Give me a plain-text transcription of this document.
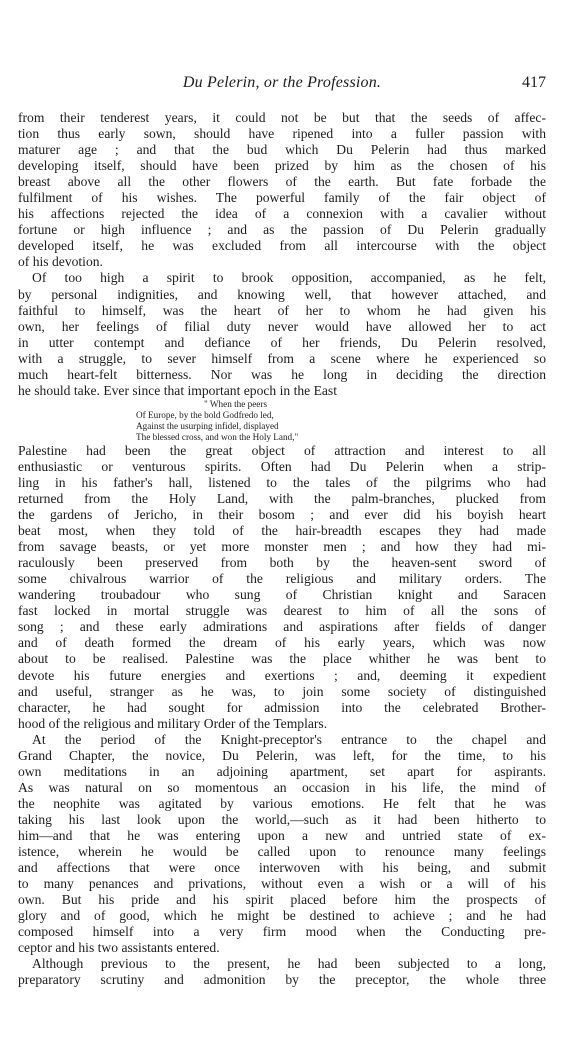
Du Pelerin, or the Profession.	417
from their tenderest years, it could not be but that the seeds of affec-
tion thus early sown, should have ripened into a fuller passion with
maturer age ; and that the bud which Du Pelerin had thus marked
developing itself, should have been prized by him as the chosen of his
breast above all the other flowers of the earth. But fate forbade the
fulfilment of his wishes. The powerful family of the fair object of
his affections rejected the idea of a connexion with a cavalier without
fortune or high influence ; and as the passion of Du Pelerin gradually
developed itself, he was excluded from all intercourse with the object
of his devotion.
Of too high a spirit to brook opposition, accompanied, as he felt,
by personal indignities, and knowing well, that however attached, and
faithful to himself, was the heart of her to whom he had given his
own, her feelings of filial duty never would have allowed her to act
in utter contempt and defiance of her friends, Du Pelerin resolved,
with a struggle, to sever himself from a scene where he experienced so
much heart-felt bitterness. Nor was he long in deciding the direction
he should take. Ever since that important epoch in the East
" When the peers
Of Europe, by the bold Godfredo led,
Against the usurping infidel, displayed
The blessed cross, and won the Holy Land,"
Palestine had been the great object of attraction and interest to all
enthusiastic or venturous spirits. Often had Du Pelerin when a strip-
ling in his father's hall, listened to the tales of the pilgrims who had
returned from the Holy Land, with the palm-branches, plucked from
the gardens of Jericho, in their bosom ; and ever did his boyish heart
beat most, when they told of the hair-breadth escapes they had made
from savage beasts, or yet more monster men ; and how they had mi-
raculously been preserved from both by the heaven-sent sword of
some chivalrous warrior of the religious and military orders. The
wandering troubadour who sung of Christian knight and Saracen
fast locked in mortal struggle was dearest to him of all the sons of
song ; and these early admirations and aspirations after fields of danger
and of death formed the dream of his early years, which was now
about to be realised. Palestine was the place whither he was bent to
devote his future energies and exertions ; and, deeming it expedient
and useful, stranger as he was, to join some society of distinguished
character, he had sought for admission into the celebrated Brother-
hood of the religious and military Order of the Templars.
At the period of the Knight-preceptor's entrance to the chapel and
Grand Chapter, the novice, Du Pelerin, was left, for the time, to his
own meditations in an adjoining apartment, set apart for aspirants.
As was natural on so momentous an occasion in his life, the mind of
the neophite was agitated by various emotions. He felt that he was
taking his last look upon the world,—such as it had been hitherto to
him—and that he was entering upon a new and untried state of ex-
istence, wherein he would be called upon to renounce many feelings
and affections that were once interwoven with his being, and submit
to many penances and privations, without even a wish or a will of his
own. But his pride and his spirit placed before him the prospects of
glory and of good, which he might be destined to achieve ; and he had
composed himself into a very firm mood when the Conducting pre-
ceptor and his two assistants entered.
Although previous to the present, he had been subjected to a long,
preparatory scrutiny and admonition by the preceptor, the whole three
